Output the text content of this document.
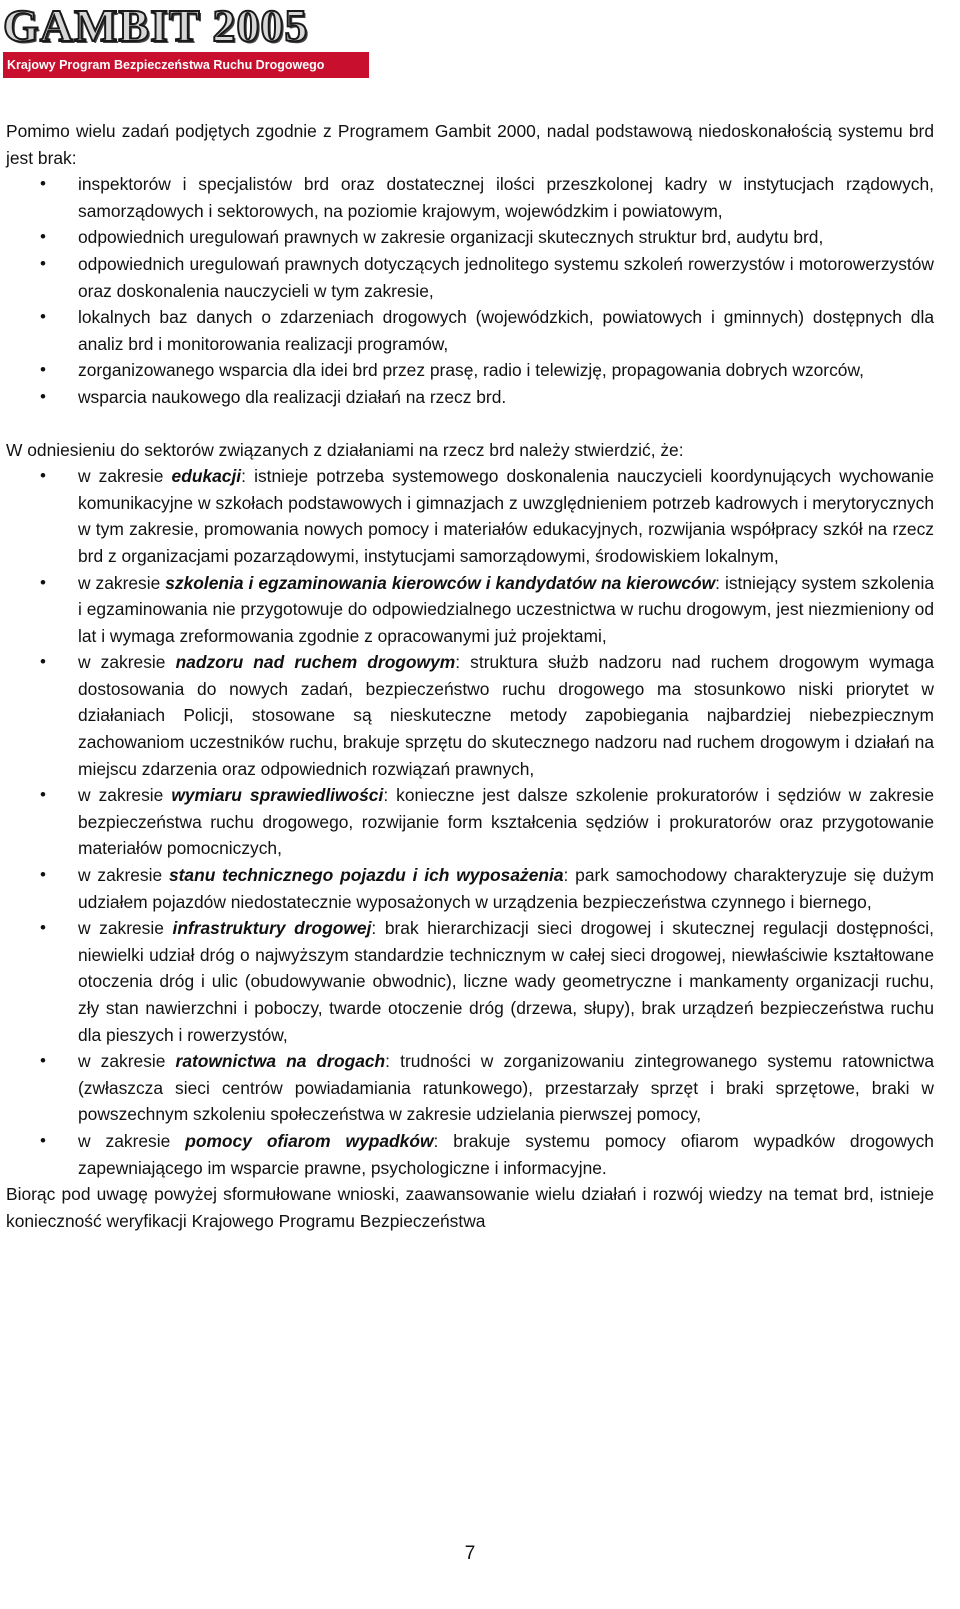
GAMBIT 2005
Krajowy Program Bezpieczeństwa Ruchu Drogowego

Pomimo wielu zadań podjętych zgodnie z Programem Gambit 2000, nadal podstawową niedoskonałością systemu brd jest brak:

• inspektorów i specjalistów brd oraz dostatecznej ilości przeszkolonej kadry w instytucjach rządowych, samorządowych i sektorowych, na poziomie krajowym, wojewódzkim i powiatowym,
• odpowiednich uregulowań prawnych w zakresie organizacji skutecznych struktur brd, audytu brd,
• odpowiednich uregulowań prawnych dotyczących jednolitego systemu szkoleń rowerzystów i motorowerzystów oraz doskonalenia nauczycieli w tym zakresie,
• lokalnych baz danych o zdarzeniach drogowych (wojewódzkich, powiatowych i gminnych) dostępnych dla analiz brd i monitorowania realizacji programów,
• zorganizowanego wsparcia dla idei brd przez prasę, radio i telewizję, propagowania dobrych wzorców,
• wsparcia naukowego dla realizacji działań na rzecz brd.

W odniesieniu do sektorów związanych z działaniami na rzecz brd należy stwierdzić, że:

• w zakresie edukacji: istnieje potrzeba systemowego doskonalenia nauczycieli koordynujących wychowanie komunikacyjne w szkołach podstawowych i gimnazjach z uwzględnieniem potrzeb kadrowych i merytorycznych w tym zakresie, promowania nowych pomocy i materiałów edukacyjnych, rozwijania współpracy szkół na rzecz brd z organizacjami pozarządowymi, instytucjami samorządowymi, środowiskiem lokalnym,
• w zakresie szkolenia i egzaminowania kierowców i kandydatów na kierowców: istniejący system szkolenia i egzaminowania nie przygotowuje do odpowiedzialnego uczestnictwa w ruchu drogowym, jest niezmieniony od lat i wymaga zreformowania zgodnie z opracowanymi już projektami,
• w zakresie nadzoru nad ruchem drogowym: struktura służb nadzoru nad ruchem drogowym wymaga dostosowania do nowych zadań, bezpieczeństwo ruchu drogowego ma stosunkowo niski priorytet w działaniach Policji, stosowane są nieskuteczne metody zapobiegania najbardziej niebezpiecznym zachowaniom uczestników ruchu, brakuje sprzętu do skutecznego nadzoru nad ruchem drogowym i działań na miejscu zdarzenia oraz odpowiednich rozwiązań prawnych,
• w zakresie wymiaru sprawiedliwości: konieczne jest dalsze szkolenie prokuratorów i sędziów w zakresie bezpieczeństwa ruchu drogowego, rozwijanie form kształcenia sędziów i prokuratorów oraz przygotowanie materiałów pomocniczych,
• w zakresie stanu technicznego pojazdu i ich wyposażenia: park samochodowy charakteryzuje się dużym udziałem pojazdów niedostatecznie wyposażonych w urządzenia bezpieczeństwa czynnego i biernego,
• w zakresie infrastruktury drogowej: brak hierarchizacji sieci drogowej i skutecznej regulacji dostępności, niewielki udział dróg o najwyższym standardzie technicznym w całej sieci drogowej, niewłaściwie kształtowane otoczenia dróg i ulic (obudowywanie obwodnic), liczne wady geometryczne i mankamenty organizacji ruchu, zły stan nawierzchni i poboczy, twarde otoczenie dróg (drzewa, słupy), brak urządzeń bezpieczeństwa ruchu dla pieszych i rowerzystów,
• w zakresie ratownictwa na drogach: trudności w zorganizowaniu zintegrowanego systemu ratownictwa (zwłaszcza sieci centrów powiadamiania ratunkowego), przestarzały sprzęt i braki sprzętowe, braki w powszechnym szkoleniu społeczeństwa w zakresie udzielania pierwszej pomocy,
• w zakresie pomocy ofiarom wypadków: brakuje systemu pomocy ofiarom wypadków drogowych zapewniającego im wsparcie prawne, psychologiczne i informacyjne.

Biorąc pod uwagę powyżej sformułowane wnioski, zaawansowanie wielu działań i rozwój wiedzy na temat brd, istnieje konieczność weryfikacji Krajowego Programu Bezpieczeństwa

7
